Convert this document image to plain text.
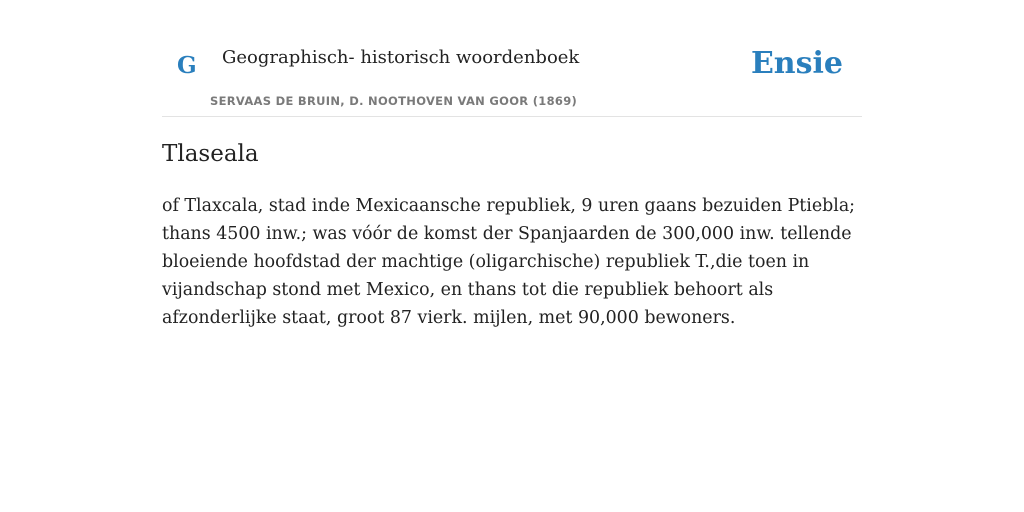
G Geographisch- historisch woordenboek
SERVAAS DE BRUIN, D. NOOTHOVEN VAN GOOR (1869)
Ensie
Tlaseala

of Tlaxcala, stad inde Mexicaansche republiek, 9 uren gaans bezuiden Ptiebla; thans 4500 inw.; was vóór de komst der Spanjaarden de 300,000 inw. tellende bloeiende hoofdstad der machtige (oligarchische) republiek T.,die toen in vijandschap stond met Mexico, en thans tot die republiek behoort als afzonderlijke staat, groot 87 vierk. mijlen, met 90,000 bewoners.
